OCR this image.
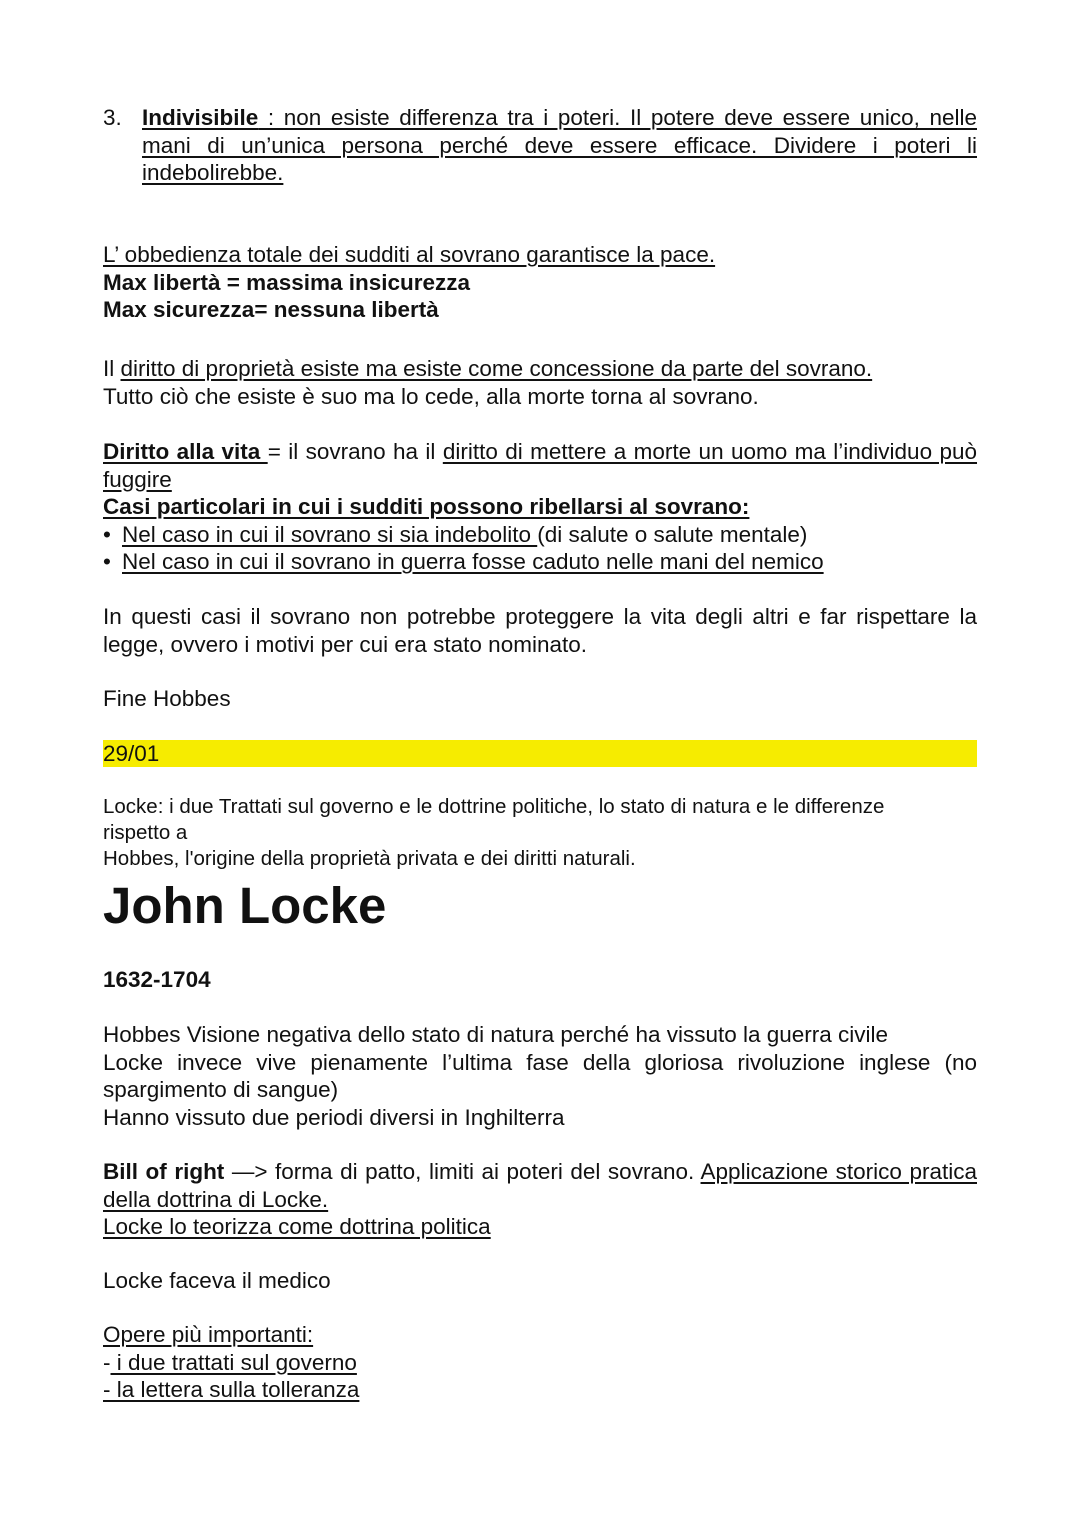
3. Indivisibile : non esiste differenza tra i poteri. Il potere deve essere unico, nelle mani di un’unica persona perché deve essere efficace. Dividere i poteri li indebolirebbe.
L’ obbedienza totale dei sudditi al sovrano garantisce la pace.
Max libertà = massima insicurezza
Max sicurezza= nessuna libertà
Il diritto di proprietà esiste ma esiste come concessione da parte del sovrano.
Tutto ciò che esiste è suo ma lo cede, alla morte torna al sovrano.
Diritto alla vita = il sovrano ha il diritto di mettere a morte un uomo ma l’individuo può fuggire
Casi particolari in cui i sudditi possono ribellarsi al sovrano:
• Nel caso in cui il sovrano si sia indebolito (di salute o salute mentale)
• Nel caso in cui il sovrano in guerra fosse caduto nelle mani del nemico
In questi casi il sovrano non potrebbe proteggere la vita degli altri e far rispettare la legge, ovvero i motivi per cui era stato nominato.
Fine Hobbes
29/01
Locke: i due Trattati sul governo e le dottrine politiche, lo stato di natura e le differenze
rispetto a
Hobbes, l'origine della proprietà privata e dei diritti naturali.
John Locke
1632-1704
Hobbes Visione negativa dello stato di natura perché ha vissuto la guerra civile
Locke invece vive pienamente l’ultima fase della gloriosa rivoluzione inglese (no spargimento di sangue)
Hanno vissuto due periodi diversi in Inghilterra
Bill of right —> forma di patto, limiti ai poteri del sovrano. Applicazione storico pratica della dottrina di Locke.
Locke lo teorizza come dottrina politica
Locke faceva il medico
Opere più importanti:
- i due trattati sul governo
- la lettera sulla tolleranza
